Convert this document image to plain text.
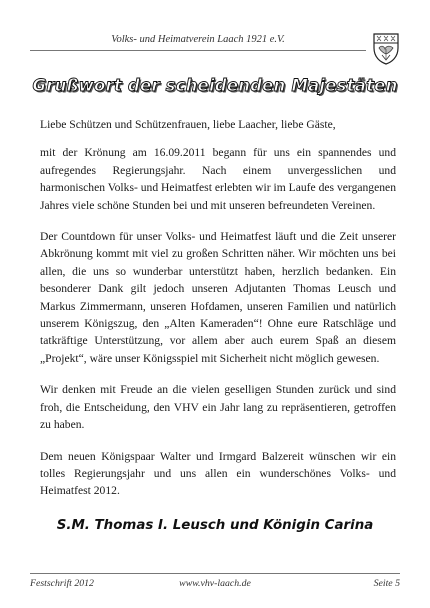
Volks- und Heimatverein Laach 1921 e.V.
Grußwort der scheidenden Majestäten

Liebe Schützen und Schützenfrauen, liebe Laacher, liebe Gäste,

mit der Krönung am 16.09.2011 begann für uns ein spannendes und aufregendes Regierungsjahr. Nach einem unvergesslichen und harmonischen Volks- und Heimatfest erlebten wir im Laufe des vergangenen Jahres viele schöne Stunden bei und mit unseren befreundeten Vereinen.

Der Countdown für unser Volks- und Heimatfest läuft und die Zeit unserer Abkrönung kommt mit viel zu großen Schritten näher. Wir möchten uns bei allen, die uns so wunderbar unterstützt haben, herzlich bedanken. Ein besonderer Dank gilt jedoch unseren Adjutanten Thomas Leusch und Markus Zimmermann, unseren Hofdamen, unseren Familien und natürlich unserem Königszug, den „Alten Kameraden“! Ohne eure Ratschläge und tatkräftige Unterstützung, vor allem aber auch eurem Spaß an diesem „Projekt“, wäre unser Königsspiel mit Sicherheit nicht möglich gewesen.

Wir denken mit Freude an die vielen geselligen Stunden zurück und sind froh, die Entscheidung, den VHV ein Jahr lang zu repräsentieren, getroffen zu haben.

Dem neuen Königspaar Walter und Irmgard Balzereit wünschen wir ein tolles Regierungsjahr und uns allen ein wunderschönes Volks- und Heimatfest 2012.

S.M. Thomas I. Leusch und Königin Carina
Festschrift 2012	www.vhv-laach.de	Seite 5
